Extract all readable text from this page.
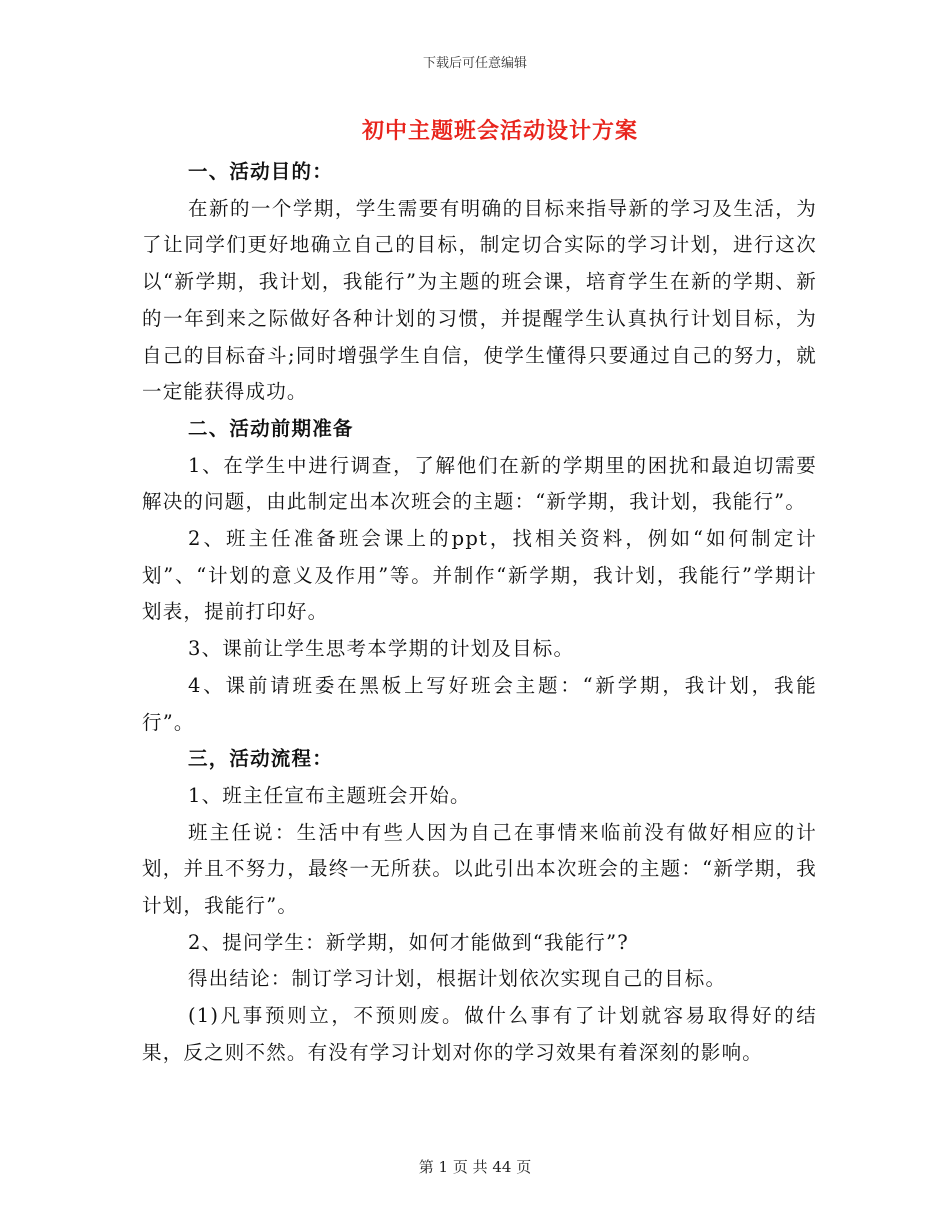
下载后可任意编辑
初中主题班会活动设计方案

一、活动目的：

在新的一个学期，学生需要有明确的目标来指导新的学习及生活，为了让同学们更好地确立自己的目标，制定切合实际的学习计划，进行这次以“新学期，我计划，我能行”为主题的班会课，培育学生在新的学期、新的一年到来之际做好各种计划的习惯，并提醒学生认真执行计划目标，为自己的目标奋斗;同时增强学生自信，使学生懂得只要通过自己的努力，就一定能获得成功。

二、活动前期准备

1、在学生中进行调查，了解他们在新的学期里的困扰和最迫切需要解决的问题，由此制定出本次班会的主题：“新学期，我计划，我能行”。

2、班主任准备班会课上的ppt，找相关资料，例如“如何制定计划”、“计划的意义及作用”等。并制作“新学期，我计划，我能行”学期计划表，提前打印好。

3、课前让学生思考本学期的计划及目标。

4、课前请班委在黑板上写好班会主题：“新学期，我计划，我能行”。

三，活动流程：

1、班主任宣布主题班会开始。

班主任说：生活中有些人因为自己在事情来临前没有做好相应的计划，并且不努力，最终一无所获。以此引出本次班会的主题：“新学期，我计划，我能行”。

2、提问学生：新学期，如何才能做到“我能行”?

得出结论：制订学习计划，根据计划依次实现自己的目标。

(1)凡事预则立，不预则废。做什么事有了计划就容易取得好的结果，反之则不然。有没有学习计划对你的学习效果有着深刻的影响。

第 1 页 共 44 页
